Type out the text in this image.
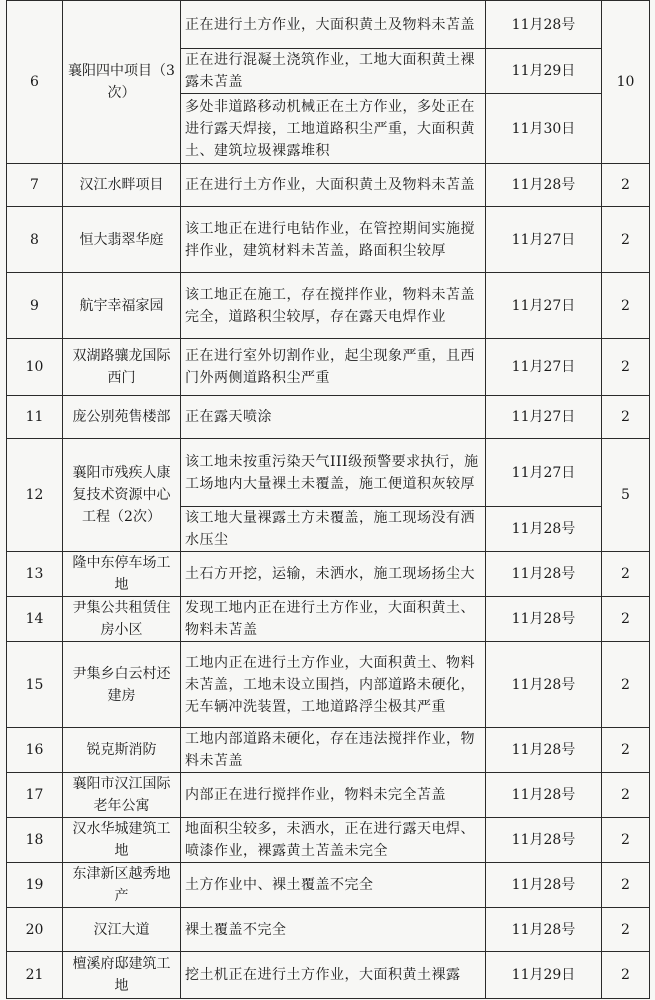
6	襄阳四中项目（3次）	正在进行土方作业，大面积黄土及物料未苫盖	11月28号	10
		正在进行混凝土浇筑作业，工地大面积黄土裸露未苫盖	11月29日	
		多处非道路移动机械正在土方作业，多处正在进行露天焊接，工地道路积尘严重，大面积黄土、建筑垃圾裸露堆积	11月30日	
7	汉江水畔项目	正在进行土方作业，大面积黄土及物料未苫盖	11月28号	2
8	恒大翡翠华庭	该工地正在进行电钻作业，在管控期间实施搅拌作业，建筑材料未苫盖，路面积尘较厚	11月27日	2
9	航宇幸福家园	该工地正在施工，存在搅拌作业，物料未苫盖完全，道路积尘较厚，存在露天电焊作业	11月27日	2
10	双湖路骧龙国际西门	正在进行室外切割作业，起尘现象严重，且西门外两侧道路积尘严重	11月27日	2
11	庞公别苑售楼部	正在露天喷涂	11月27日	2
12	襄阳市残疾人康复技术资源中心工程（2次）	该工地未按重污染天气III级预警要求执行，施工场地内大量裸土未覆盖，施工便道积灰较厚	11月27日	5
		该工地大量裸露土方未覆盖，施工现场没有洒水压尘	11月28号	
13	隆中东停车场工地	土石方开挖，运输，未洒水，施工现场扬尘大	11月28号	2
14	尹集公共租赁住房小区	发现工地内正在进行土方作业，大面积黄土、物料未苫盖	11月28号	2
15	尹集乡白云村还建房	工地内正在进行土方作业，大面积黄土、物料未苫盖，工地未设立围挡，内部道路未硬化，无车辆冲洗装置，工地道路浮尘极其严重	11月28号	2
16	锐克斯消防	工地内部道路未硬化，存在违法搅拌作业，物料未苫盖	11月28号	2
17	襄阳市汉江国际老年公寓	内部正在进行搅拌作业，物料未完全苫盖	11月28号	2
18	汉水华城建筑工地	地面积尘较多，未洒水，正在进行露天电焊、喷漆作业，裸露黄土苫盖未完全	11月28号	2
19	东津新区越秀地产	土方作业中、裸土覆盖不完全	11月28号	2
20	汉江大道	裸土覆盖不完全	11月28号	2
21	檀溪府邸建筑工地	挖土机正在进行土方作业，大面积黄土裸露	11月29日	2
